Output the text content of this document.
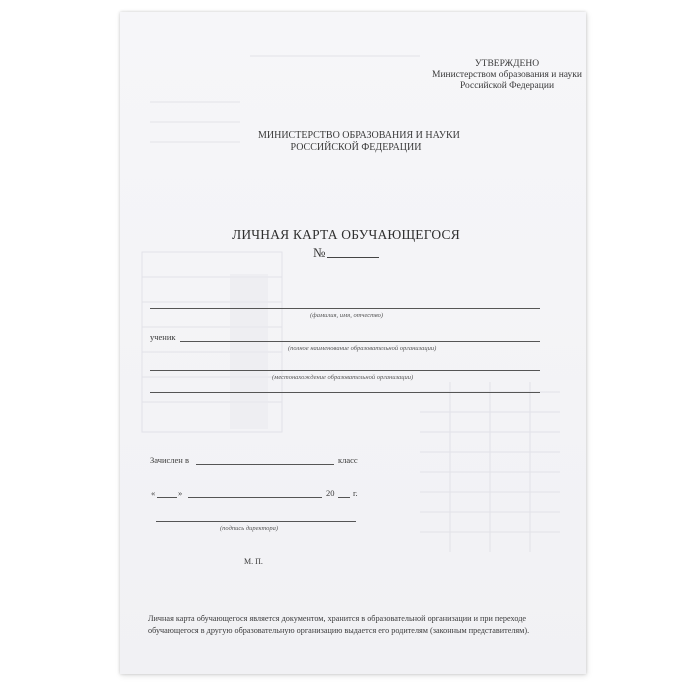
УТВЕРЖДЕНО
Министерством образования и науки
Российской Федерации
МИНИСТЕРСТВО ОБРАЗОВАНИЯ И НАУКИ
РОССИЙСКОЙ ФЕДЕРАЦИИ
ЛИЧНАЯ КАРТА ОБУЧАЮЩЕГОСЯ
№
(фамилия, имя, отчество)
ученик
(полное наименование образовательной организации)
(местонахождение образовательной организации)
Зачислен в	класс
«	»	20 г.
(подпись директора)
М. П.
Личная карта обучающегося является документом, хранится в образовательной организации и при переходе
обучающегося в другую образовательную организацию выдается его родителям (законным представителям).
